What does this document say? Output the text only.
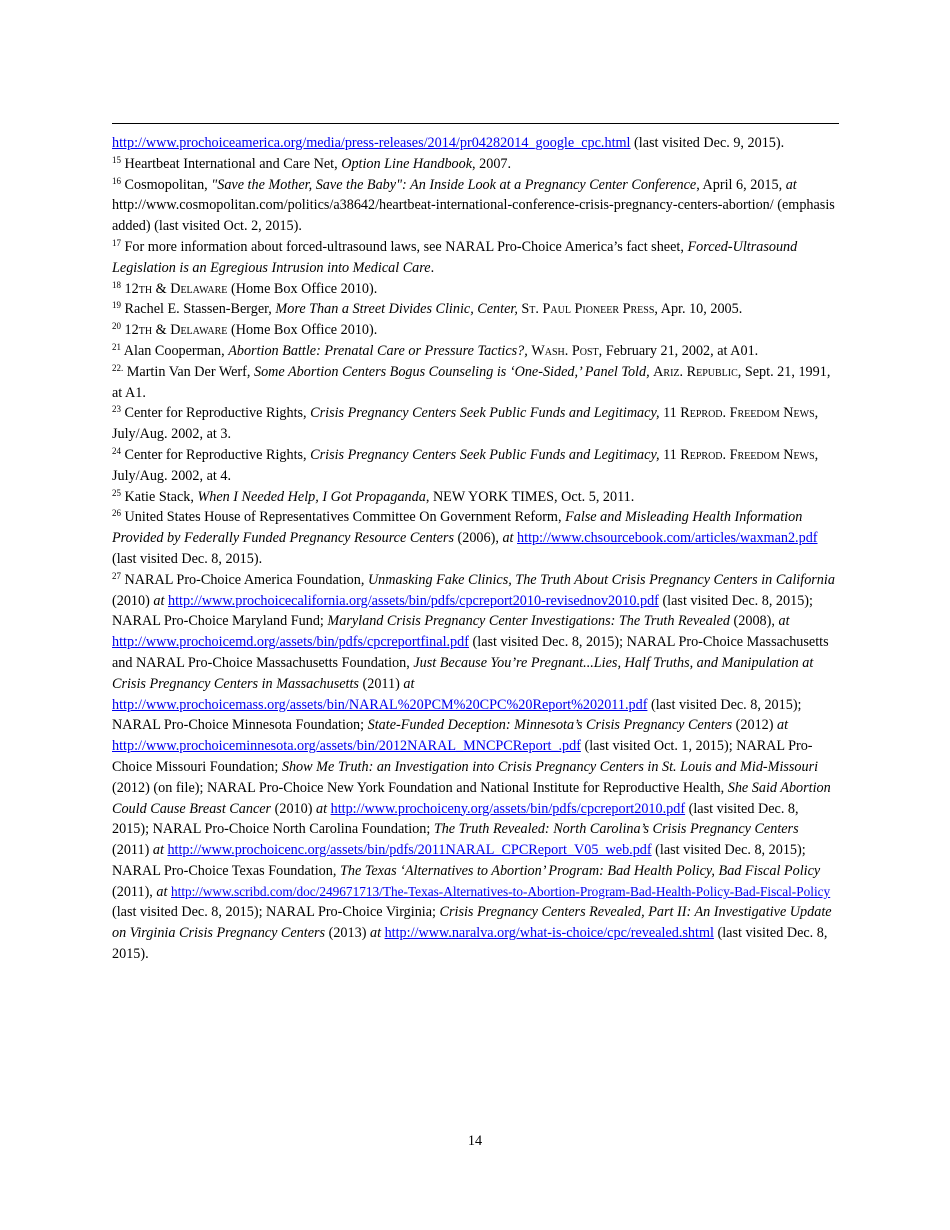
http://www.prochoiceamerica.org/media/press-releases/2014/pr04282014_google_cpc.html (last visited Dec. 9, 2015).

$^{15}$ Heartbeat International and Care Net, Option Line Handbook, 2007.

$^{16}$ Cosmopolitan, "Save the Mother, Save the Baby": An Inside Look at a Pregnancy Center Conference, April 6, 2015, at http://www.cosmopolitan.com/politics/a38642/heartbeat-international-conference-crisis-pregnancy-centers-abortion/ (emphasis added) (last visited Oct. 2, 2015).

$^{17}$ For more information about forced-ultrasound laws, see NARAL Pro-Choice America’s fact sheet, Forced-Ultrasound Legislation is an Egregious Intrusion into Medical Care.

$^{18}$ 12th & Delaware (Home Box Office 2010).

$^{19}$ Rachel E. Stassen-Berger, More Than a Street Divides Clinic, Center, St. Paul Pioneer Press, Apr. 10, 2005.

$^{20}$ 12th & Delaware (Home Box Office 2010).

$^{21}$ Alan Cooperman, Abortion Battle: Prenatal Care or Pressure Tactics?, Wash. Post, February 21, 2002, at A01.

$^{22.}$ Martin Van Der Werf, Some Abortion Centers Bogus Counseling is ‘One-Sided,’ Panel Told, Ariz. Republic, Sept. 21, 1991, at A1.

$^{23}$ Center for Reproductive Rights, Crisis Pregnancy Centers Seek Public Funds and Legitimacy, 11 Reprod. Freedom News, July/Aug. 2002, at 3.

$^{24}$ Center for Reproductive Rights, Crisis Pregnancy Centers Seek Public Funds and Legitimacy, 11 Reprod. Freedom News, July/Aug. 2002, at 4.

$^{25}$ Katie Stack, When I Needed Help, I Got Propaganda, NEW YORK TIMES, Oct. 5, 2011.

$^{26}$ United States House of Representatives Committee On Government Reform, False and Misleading Health Information Provided by Federally Funded Pregnancy Resource Centers (2006), at http://www.chsourcebook.com/articles/waxman2.pdf (last visited Dec. 8, 2015).

$^{27}$ NARAL Pro-Choice America Foundation, Unmasking Fake Clinics, The Truth About Crisis Pregnancy Centers in California (2010) at http://www.prochoicecalifornia.org/assets/bin/pdfs/cpcreport2010-revisednov2010.pdf (last visited Dec. 8, 2015); NARAL Pro-Choice Maryland Fund; Maryland Crisis Pregnancy Center Investigations: The Truth Revealed (2008), at http://www.prochoicemd.org/assets/bin/pdfs/cpcreportfinal.pdf (last visited Dec. 8, 2015); NARAL Pro-Choice Massachusetts and NARAL Pro-Choice Massachusetts Foundation, Just Because You’re Pregnant...Lies, Half Truths, and Manipulation at Crisis Pregnancy Centers in Massachusetts (2011) at http://www.prochoicemass.org/assets/bin/NARAL%20PCM%20CPC%20Report%202011.pdf (last visited Dec. 8, 2015); NARAL Pro-Choice Minnesota Foundation; State-Funded Deception: Minnesota’s Crisis Pregnancy Centers (2012) at http://www.prochoiceminnesota.org/assets/bin/2012NARAL_MNCPCReport_.pdf (last visited Oct. 1, 2015); NARAL Pro-Choice Missouri Foundation; Show Me Truth: an Investigation into Crisis Pregnancy Centers in St. Louis and Mid-Missouri (2012) (on file); NARAL Pro-Choice New York Foundation and National Institute for Reproductive Health, She Said Abortion Could Cause Breast Cancer (2010) at http://www.prochoiceny.org/assets/bin/pdfs/cpcreport2010.pdf (last visited Dec. 8, 2015); NARAL Pro-Choice North Carolina Foundation; The Truth Revealed: North Carolina’s Crisis Pregnancy Centers (2011) at http://www.prochoicenc.org/assets/bin/pdfs/2011NARAL_CPCReport_V05_web.pdf (last visited Dec. 8, 2015); NARAL Pro-Choice Texas Foundation, The Texas ‘Alternatives to Abortion’ Program: Bad Health Policy, Bad Fiscal Policy (2011), at http://www.scribd.com/doc/249671713/The-Texas-Alternatives-to-Abortion-Program-Bad-Health-Policy-Bad-Fiscal-Policy (last visited Dec. 8, 2015); NARAL Pro-Choice Virginia; Crisis Pregnancy Centers Revealed, Part II: An Investigative Update on Virginia Crisis Pregnancy Centers (2013) at http://www.naralva.org/what-is-choice/cpc/revealed.shtml (last visited Dec. 8, 2015).

14
